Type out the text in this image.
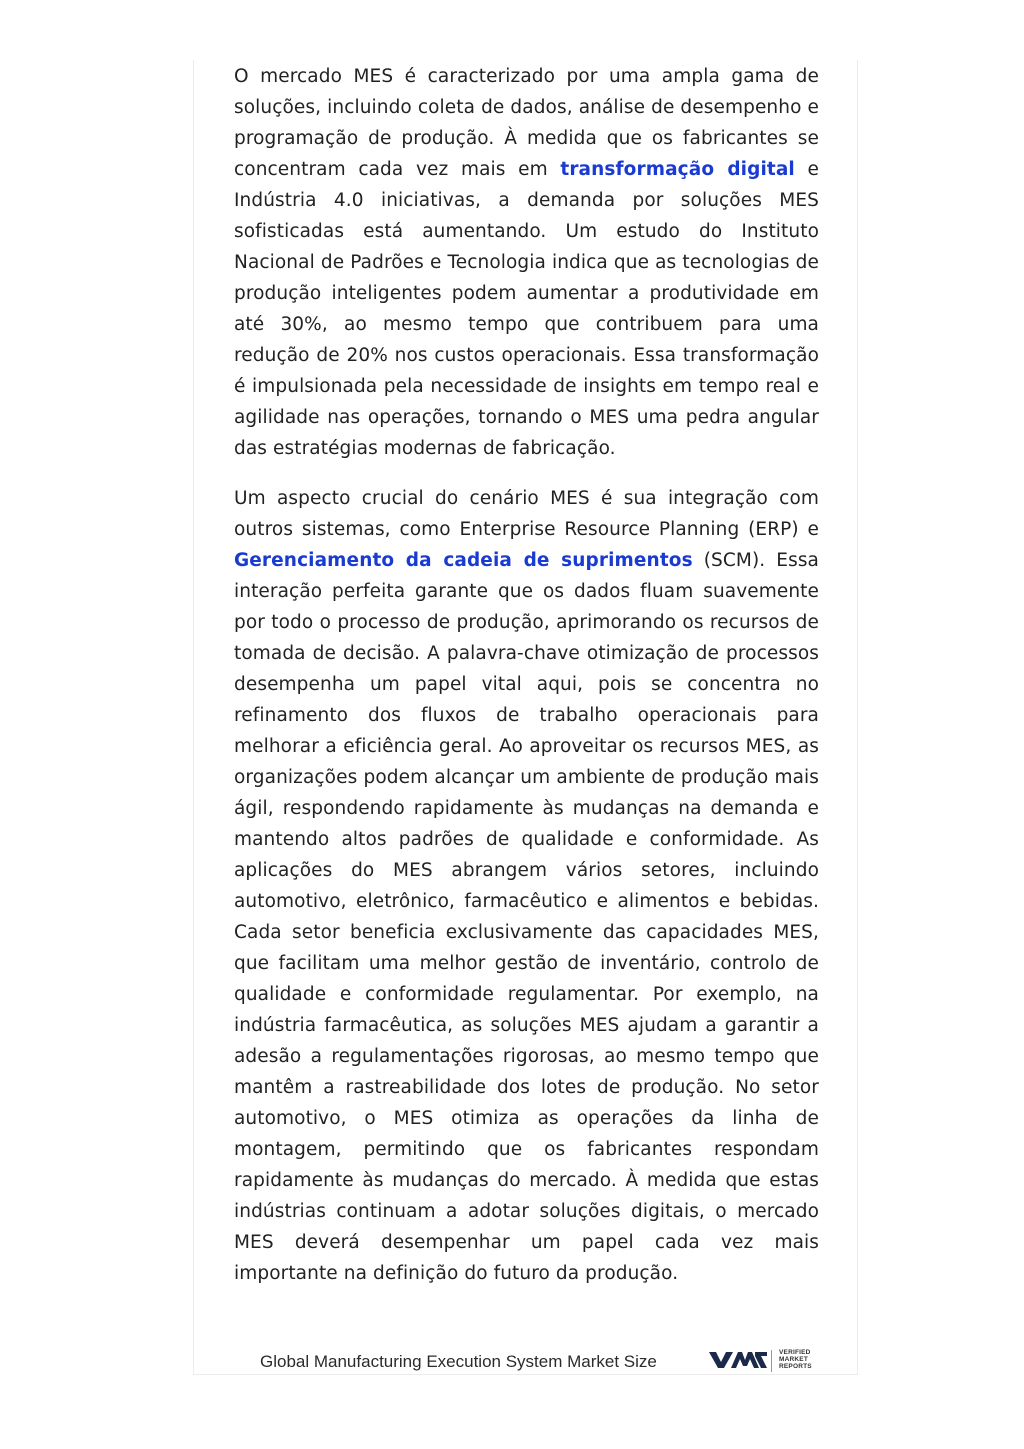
O mercado MES é caracterizado por uma ampla gama de soluções, incluindo coleta de dados, análise de desempenho e programação de produção. À medida que os fabricantes se concentram cada vez mais em transformação digital e Indústria 4.0 iniciativas, a demanda por soluções MES sofisticadas está aumentando. Um estudo do Instituto Nacional de Padrões e Tecnologia indica que as tecnologias de produção inteligentes podem aumentar a produtividade em até 30%, ao mesmo tempo que contribuem para uma redução de 20% nos custos operacionais. Essa transformação é impulsionada pela necessidade de insights em tempo real e agilidade nas operações, tornando o MES uma pedra angular das estratégias modernas de fabricação.

Um aspecto crucial do cenário MES é sua integração com outros sistemas, como Enterprise Resource Planning (ERP) e Gerenciamento da cadeia de suprimentos (SCM). Essa interação perfeita garante que os dados fluam suavemente por todo o processo de produção, aprimorando os recursos de tomada de decisão. A palavra-chave otimização de processos desempenha um papel vital aqui, pois se concentra no refinamento dos fluxos de trabalho operacionais para melhorar a eficiência geral. Ao aproveitar os recursos MES, as organizações podem alcançar um ambiente de produção mais ágil, respondendo rapidamente às mudanças na demanda e mantendo altos padrões de qualidade e conformidade. As aplicações do MES abrangem vários setores, incluindo automotivo, eletrônico, farmacêutico e alimentos e bebidas. Cada setor beneficia exclusivamente das capacidades MES, que facilitam uma melhor gestão de inventário, controlo de qualidade e conformidade regulamentar. Por exemplo, na indústria farmacêutica, as soluções MES ajudam a garantir a adesão a regulamentações rigorosas, ao mesmo tempo que mantêm a rastreabilidade dos lotes de produção. No setor automotivo, o MES otimiza as operações da linha de montagem, permitindo que os fabricantes respondam rapidamente às mudanças do mercado. À medida que estas indústrias continuam a adotar soluções digitais, o mercado MES deverá desempenhar um papel cada vez mais importante na definição do futuro da produção.

Global Manufacturing Execution System Market Size	VERIFIED
MARKET
REPORTS
